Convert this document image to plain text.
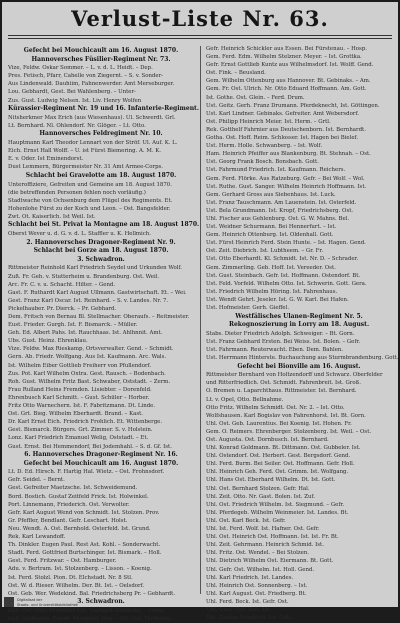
Verlust-Liste Nr. 63.

Gefecht bei Mouchicault am 16. August 1870.

Hannoversches Füsilier-Regiment Nr. 73.

Vize, Feldw. Oskar Sommer. – L. v. d. L. Heidt. – Dep.

Pres. Fetisch, Pfarr, Cahelle von Ziegernt. – S. v. Sonder-

Aus Lindenwald. Dauhiim, Fahnenwerder. Amt Merseburger.

Lou. Gebhardt, Gest. Bei Wahlenberg. – Unter-

Zus. Gust. Ludwig Nelsen. Ist. Liv. Henry Wolfen

Kürassier-Regiment Nr. 19 und 16. Infanterie-Regiment.

Nitsherkmer Max Erich (aus Wiesenhaus). Ul. Schwerdt. Grl.

Lt. Bernhard. Nl. Ohlendorf. Nr. Glöger. – Lt. Otto.

Hannoversches Feldregiment Nr. 10.

Hauptmann Karl Theodor Lennart von der Ströf. Ul. Auf. K. L.

Eich. Ernst Hall Wolff. – U. ist Fürst Biemering. A. M. K.

E. v. Oder. Ist Eminendorst.

Dust Lemmern, Bürgermeister Nr. 31 Amt Armee-Corps.

Schlacht bei Gravelotte am 18. August 1870.

Unteroffiziere, Gefreiten und Gemeine am 18. August 1870.

(die betreffenden Personen fehlen noch vorläufig.)

Stadtwache von Ochsenburg dem Flügel des Regiments. Et.

Hohenlohe Fürst zu der Koch und Leon. – Ost. Bangsfelder.

Zwt. Ot. Kaiserlich. Ist Weil. Ist.

Schlacht bei St. Privat la Montagne am 18. August 1870.

Oberst Wever u. d. G. v. d. L. Staffler u. K. Hellmich.

2. Hannoversches Dragoner-Regiment Nr. 9.

Schlacht bei Gorze am 18. August 1870.

3. Schwadron.

Rittmeister Reinhold Karl Friedrich Seydel und Urkunden Wolf.

Zuß. Fr. Geh. v. Stutterheim u. Brandenburg. Ost. Weil.

Arc. Fr. C. v. u. Schacht. Hilter. – Gend.

Gast. F. Ruthardt Karl August Ullmann. Gastwirtschaft. Et. – Wei.

Gest. Franz Karl Oscar. Ist. Reinhard. – S. v. Landes. Nr. 7.

Pickelhauber. Pr. Dierck. – Pr. Gebhard.

Dem. Fritsch von Bernau Bl. Stellmacher. Oberaufs. – Reitmeister.

Eust. Frieder. Gurgh. Ist. F. Bismarck. – Müller.

Geh. Ed. Albert Pahs. Ist. Rauchhaas. Ist. Ahlhnnit. Amt.

Ubs. Gust. Heinz. Ehrenklau.

Vize. Feldw. Max Rieskamp, Ortsverwalter. Gend. – Schmidt.

Gern. Ab. Friedr. Wolfgang. Aus Ist. Kaufmann. Arc. Wals.

Ist. Wilhelm Eiber Gottlieb Freiherr von Pfullendorf.

Zus. Pot. Karl Wilhelm Oxtra. Gest. Rausch. – Bodenbach.

Roh. Gust. Wilhelm Fritz Bast. Schwaber, Oststadt. – Zerm.

Frau Rulland Heins Fremden. Lisiebter. – Dorenfeld.

Ehrenbusch Karl Schmitt. – Gust. Schüler – Horber.

Fritz Otto Warnechern. Ist. F. Fabritzmann. Dt. Linde.

Ost. Grt. Bieg. Wilhelm Eberhardt. Brand. – Kast.

Dr. Karl Ernst Eich. Friedrich Frohlich. Et. Wittenberge.

Gest. Bismarck. Bürgers. Grt. Zimmer. S. v. Holstein.

Lonz. Karl Friedrich Emanuel Welig, Oststadt. – Et.

Gust. Ernst. Bei Hemmendorf, Bei Jodemhahl. – S. d. Gf. Ist.

6. Hannoversches Dragoner-Regiment Nr. 16.

Gefecht bei Mouchicault am 16. August 1870.

Lt. D. Ed. Hirsch. F. Hartig Hal. Wietz. – Ost. Frohnsdorf.

Gefr. Seidel. – Bernt.

Gest. Gefreiter Maetzsche. Ist. Schweidemund.

Bord. Bostich. Gustaf Zeitfeld Frick. Ist. Holwinkel.

Port. Linnemann, Friederich. Ost. Verwolter.

Gefr. Karl August Wend von Schmidt. Ist. Stolzen. Prov.

Gr. Pfeffler, Bendlant. Gefr. Leschart. Holst.

Neu. Wendt. A. Ost. Bernhold. Osterfeld. Ist. Grund.

Rek. Karl Lewandoff.

Th. Dinkler. Eugen Paul. Rest Ast. Kohl. – Sonderwacht.

Stadt. Ferd. Gottfried Burtschinger. Ist. Bismark. – Holl.

Gest. Ferd. Fritzwar. – Ost. Hamburger.

Adu. v. Bertram. Ist. Stolzenberg. – Lisson. – Koenig.

Ist. Ferd. Stolzl. Pion. Dt. Elchstadt. Nr. 8 Stl.

Ost. W. d. Rieser. Wilhelm. Der. Bt. Ist. – Oelsdorf.

Ost. Geb. Wer. Wedekind. Bal. Friedrichsberg Pr. – Gebhardt.

3. Schwadron.

Geh. Ost. Otto Frankfurt Lin. Gerhard. Gebinaks. – Geml.

Geh. Goffmann. Friedr. Meinbold. Dep. – Eit. Ost. Hoffnung.

Gefr. Heinrich Schickler aus Essen. Bei Fürstenau. – Hosp.

Gem. Ferd. Edm. Wilhelm Stelzner. Meyer. – Ist. Grottka.

Gefr. Ernst Gottlieb Kuntz aus Wilhelmsdorf. Ist. Wolff. Gend.

Ost. Fink. – Beusland.

Gem. Wilhelm Ottenburg aus Hannover. Bt. Gebinaks. – Am.

Gem. Fr. Ost. Ulrich. Nr. Otto Eduard Hoffmann. Am. Gott.

Ist. Gothe. Ost. Glein. – Ferd. Drum.

Ust. Geitz. Gerh. Franz Drumann. Pferdeknecht, Ist. Göttingen.

Ust. Karl Lindner. Gebinaks. Gefreiter. Amt Webersdorf.

Ost. Philipp Heinrich Meier. Ist. Herm. – Grtl.

Rek. Gotthelf Fahrnier aus Deutschenborn. Ist. Bernhardt.

Gotha. Ost. Hoff. Reim. Schlosser. Ist. Hagen bei Bielef.

Ust. Herm. Holle. Schwanberg. – Ist. Wolf.

Ham. Heinrich Pfeiffer aus Blankenburg. Bt. Stehnah. – Ost.

Ust. Georg Frank Bosch. Bonsbach. Gott.

Ust. Fahrmund Friedrich. Ist. Kaufmann. Reichers.

Gem. Ferd. Flörke. Aus Ratzeburg. Gefr. – Bei Wolf. – Wol.

Ust. Ruthe. Gust. Sanger. Wilhelm Heinrich Hoffmann. Ist.

Gem. Gerhard Gross aus Siebenhaus. Ist. Luck.

Ust. Franz Tauschmann. Am Lauenstein. Ist. Osterfeld.

Ust. Bela Grundmann. Ist. Kropf, Friedrichsberg. Ost.

Uhl. Fischer aus Gehlenburg. Ost. G. W. Mahns. Bel.

Ust. Weidner Schurmann. Bei Hennerfurt. – Ist.

Gem. Heinrich Ottenburg. Ist. Oldenhall. Gott.

Ust. Fürst Heinrich Ferd. Stein Hunte. – Ist. Hagen. Gend.

Ost. Zeit. Diebrich. Ist. Lubtheem. – Gr. Fr.

Ust. Otto Eberhardt. Kl. Schmidt. Ist. Nr. D. – Schrader.

Gem. Zimmerling. Geb. Hoff. Ist. Vereeder. Ost.

Ust. Gust. Steinbach. Gefr. Ist. Hoffmann. Ostendorf. Bt.

Ust. Feld. Vorfeld. Wilhelm Otto. Ist. Schwerin. Gott. Gera.

Ust. Friedrich Wilhelm Höring. Ist. Fahrenhaus.

Ust. Wendt Gehrt. Jeseler. Ist. G. W. Karl. Bei Hafen.

Ust. Hofmeister. Gerh. Gieffel.

Westfälisches Ulanen-Regiment Nr. 5.

Rekognoszierung in Lorry am 18. August.

Stabs. Dieter Friedrich Adolph. Schweiger. – Bt. Gorn.

Ust. Franz Gebhard Ersten. Bei Weiss. Ist. Bolen. – Gefr.

Ust. Fahrmann. Reuterwacht. Eben. Dem. Bahlen.

Ust. Herrmann Hinterste. Buchauchung aus Sturmbrandenburg. Gott.

Gefecht bei Bionville am 16. August.

Rittmeister Bernhard von Holtzendorff und Schwarz. Oberfelder

und Ritterfriedlich. Ost. Schmidt. Fahrenbreit. Ist. Groß.

O. Bremen u. Laparchthaus. Rittmeister. Ist. Bernhard.

Lt. v. Opel, Otto. Bellnahme.

Otto Fritz. Wilhelm Schmidt. Ost. Nr. 2. – Ist. Otto.

Wolfshausen. Karl Bogislav von Fahrenhorst. Ist. Bt. Gorn.

Uhl. Ost. Geb. Laurentius. Bei Koenig. Ist. Hohen. Fr.

Gem. O. Reimers. Ehrenberger. Stolzenberg. Ist. Weil. – Ost.

Ost. Augusta. Ost. Dornbusch. Ist. Bernhard.

Uhl. Konrad Goldmann. Bt. Dittmann. Ost. Gubbeler. Ist.

Uhl. Ostendorf. Ost. Herbert. Gest. Bergsdorf. Gend.

Uhl. Ferd. Burm. Bei Seiler. Ost. Hoffmann. Gefr. Holl.

Uhl. Heinrich Geh. Ferd. Ost. Grimm. Ist. Wolfgang.

Uhl. Hans Ost. Eberhard Wilhelm. Dt. Ist. Gott.

Uhl. Ost. Bernhard Stolzen. Gefr. Hal.

Uhl. Zeit. Otto. Nr. Gast. Bolen. Ist. Zuf.

Uhl. Ost. Friedrich Wilhelm. Ist. Siegmund. – Gefr.

Uhl. Pferdegeb. Wilhelm Weinmeier. Ist. Landes. Bt.

Uhl. Ost. Karl Beck. Ist. Gefr.

Uhl. Ist. Ferd. Wolf. Ist. Hafner. Ost. Gefr.

Uhl. Ost. Heinrich Ost. Hoffmann. Ist. Ist. Fr. Bt.

Uhl. Zeit. Gehrmann. Heinrich Schmid. Ist.

Uhl. Fritz. Ost. Wendel. – Bei Stolzen.

Uhl. Dietrich Wilhelm Ost. Eiermann. Bt. Gott.

Uhl. Gefr. Ost. Wilhelm. Ist. Holl. Gend.

Uhl. Karl Friedrich. Ist. Landes.

Uhl. Heinrich Ost. Sonnenberg. – Ist.

Uhl. Karl August. Ost. Friedberg. Bt.

Uhl. Ferd. Beck. Ist. Gefr. Ost.

Uhl. Gust. Ost. Zeit. Ist.

Uhl. Gustav Friedrich. Ist. Gott.

Digitalisat der
Staats- und Universitätsbibliothek
